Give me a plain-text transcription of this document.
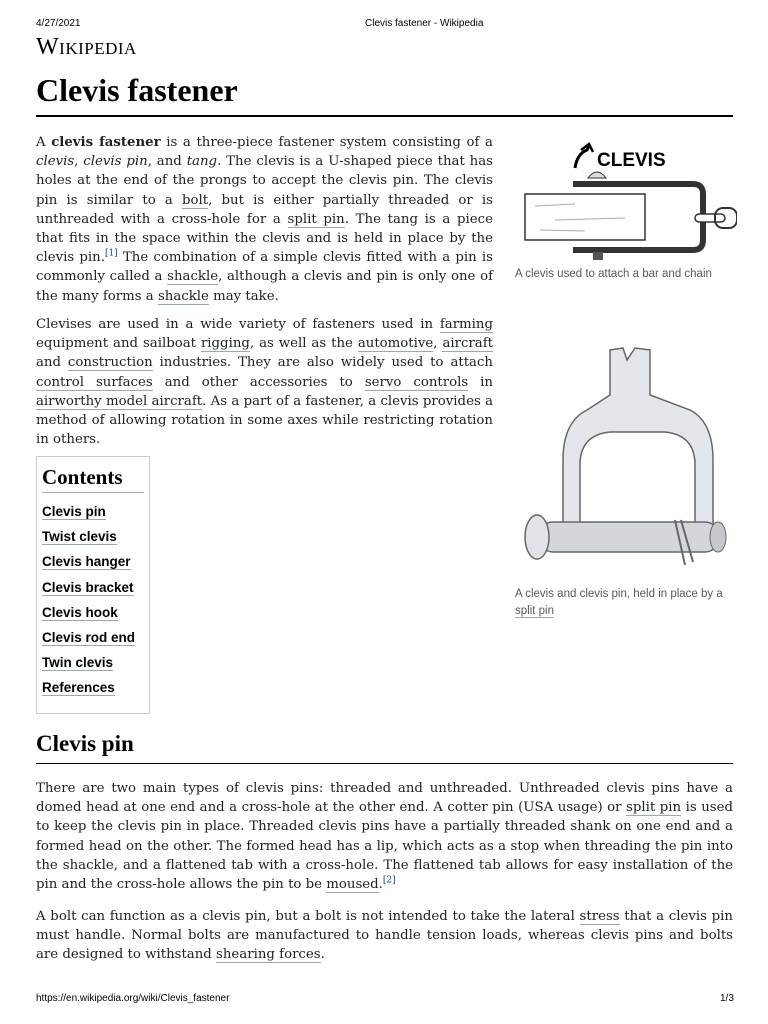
4/27/2021	Clevis fastener - Wikipedia
Wikipedia
Clevis fastener
A clevis fastener is a three-piece fastener system consisting of a clevis, clevis pin, and tang. The clevis is a U-shaped piece that has holes at the end of the prongs to accept the clevis pin. The clevis pin is similar to a bolt, but is either partially threaded or is unthreaded with a cross-hole for a split pin. The tang is a piece that fits in the space within the clevis and is held in place by the clevis pin.[1] The combination of a simple clevis fitted with a pin is commonly called a shackle, although a clevis and pin is only one of the many forms a shackle may take.
Clevises are used in a wide variety of fasteners used in farming equipment and sailboat rigging, as well as the automotive, aircraft and construction industries. They are also widely used to attach control surfaces and other accessories to servo controls in airworthy model aircraft. As a part of a fastener, a clevis provides a method of allowing rotation in some axes while restricting rotation in others.
CLEVIS
A clevis used to attach a bar and chain
A clevis and clevis pin, held in place by a split pin
Contents
Clevis pin
Twist clevis
Clevis hanger
Clevis bracket
Clevis hook
Clevis rod end
Twin clevis
References
Clevis pin
There are two main types of clevis pins: threaded and unthreaded. Unthreaded clevis pins have a domed head at one end and a cross-hole at the other end. A cotter pin (USA usage) or split pin is used to keep the clevis pin in place. Threaded clevis pins have a partially threaded shank on one end and a formed head on the other. The formed head has a lip, which acts as a stop when threading the pin into the shackle, and a flattened tab with a cross-hole. The flattened tab allows for easy installation of the pin and the cross-hole allows the pin to be moused.[2]
A bolt can function as a clevis pin, but a bolt is not intended to take the lateral stress that a clevis pin must handle. Normal bolts are manufactured to handle tension loads, whereas clevis pins and bolts are designed to withstand shearing forces.
https://en.wikipedia.org/wiki/Clevis_fastener	1/3
